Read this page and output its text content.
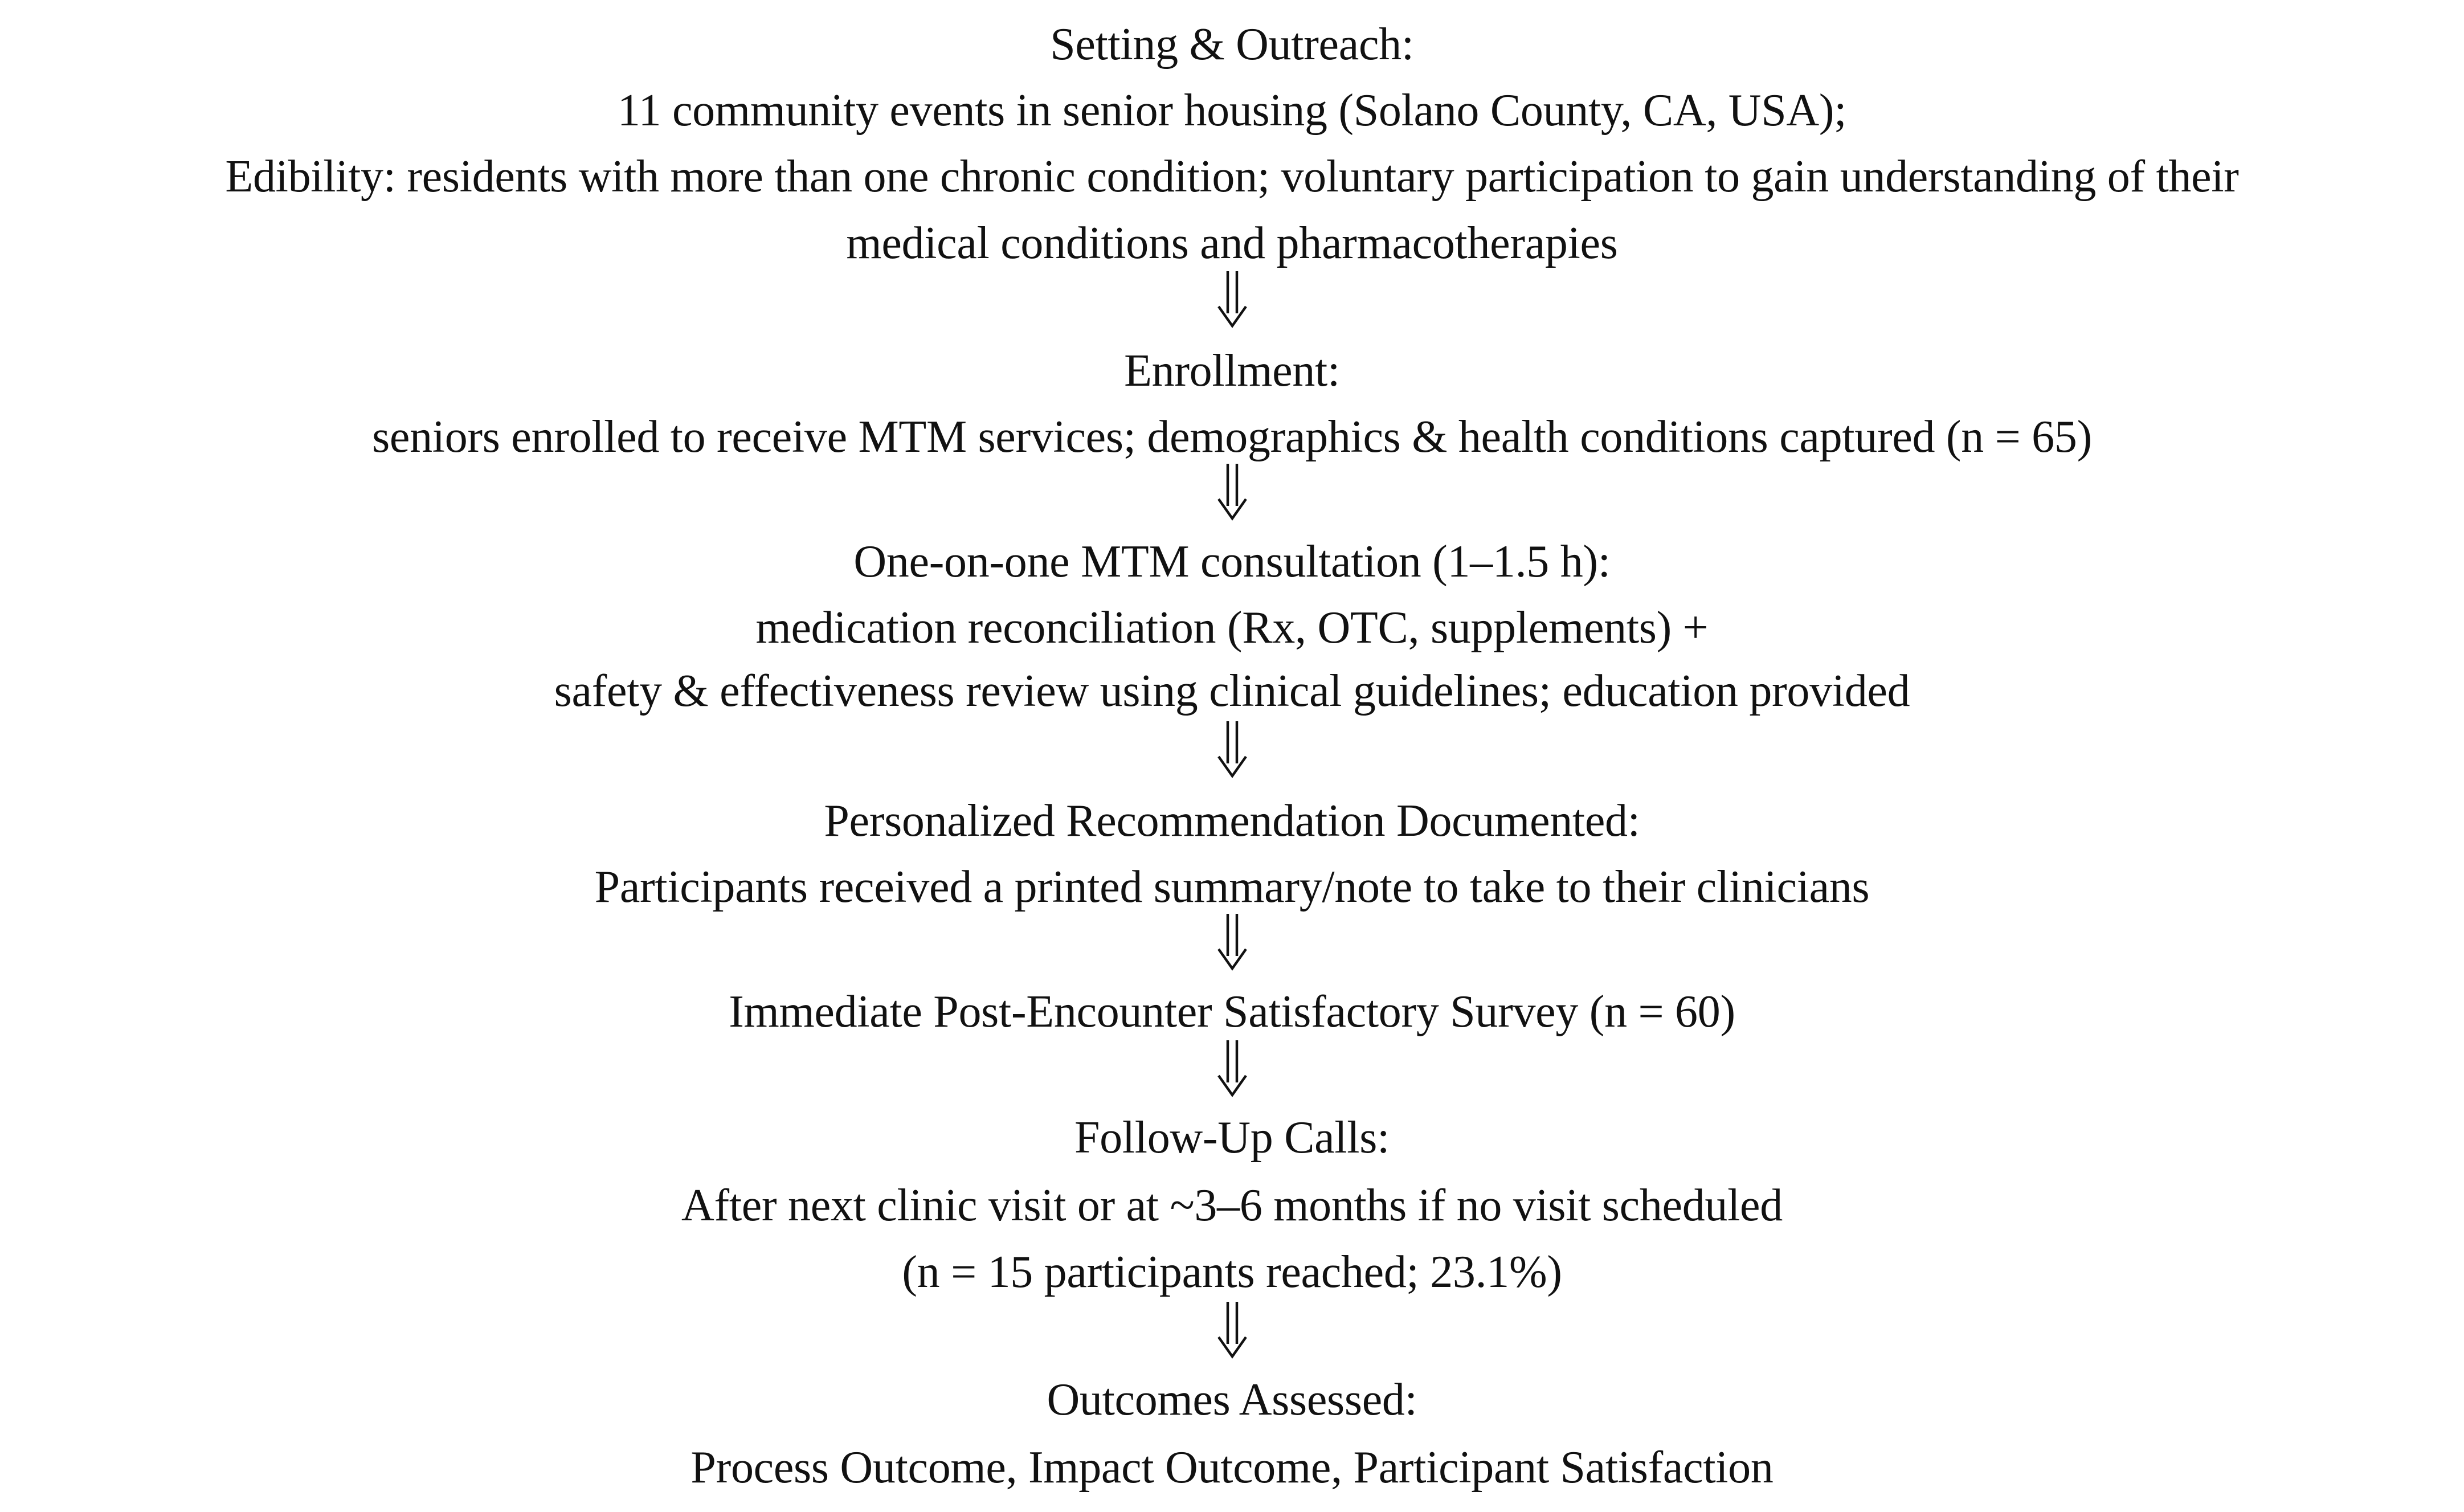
Setting & Outreach:
11 community events in senior housing (Solano County, CA, USA);
Edibility: residents with more than one chronic condition; voluntary participation to gain understanding of their
medical conditions and pharmacotherapies
Enrollment:
seniors enrolled to receive MTM services; demographics & health conditions captured (n = 65)
One-on-one MTM consultation (1–1.5 h):
medication reconciliation (Rx, OTC, supplements) +
safety & effectiveness review using clinical guidelines; education provided
Personalized Recommendation Documented:
Participants received a printed summary/note to take to their clinicians
Immediate Post-Encounter Satisfactory Survey (n = 60)
Follow-Up Calls:
After next clinic visit or at ~3–6 months if no visit scheduled
(n = 15 participants reached; 23.1%)
Outcomes Assessed:
Process Outcome, Impact Outcome, Participant Satisfaction
